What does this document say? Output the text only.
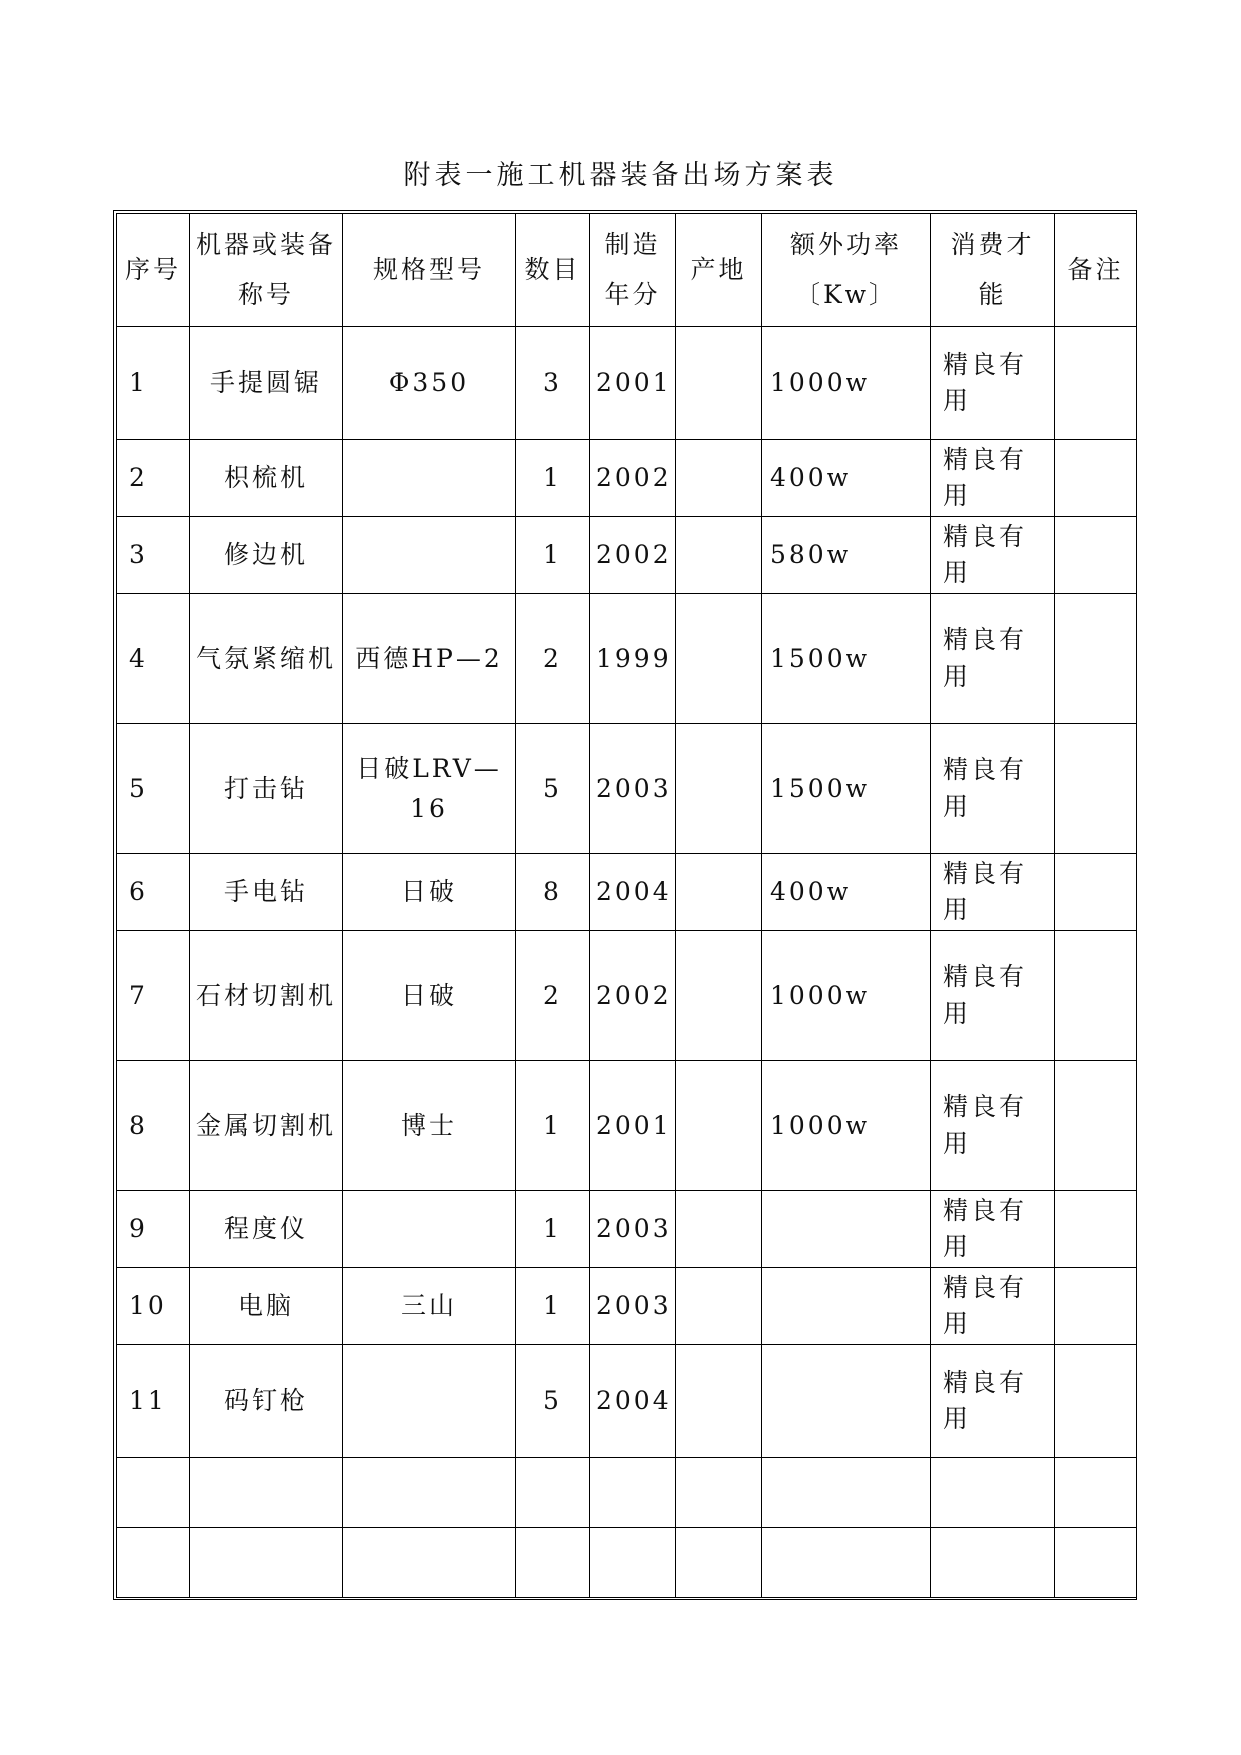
附表一施工机器装备出场方案表
序号	机器或装备称号	规格型号	数目	制造年分	产地	额外功率〔Kw〕	消费才能	备注
1	手提圆锯	Φ350	3	2001		1000w	精良有用	
2	枳梳机		1	2002		400w	精良有用	
3	修边机		1	2002		580w	精良有用	
4	气氛紧缩机	西德HP—2	2	1999		1500w	精良有用	
5	打击钻	日破LRV—16	5	2003		1500w	精良有用	
6	手电钻	日破	8	2004		400w	精良有用	
7	石材切割机	日破	2	2002		1000w	精良有用	
8	金属切割机	博士	1	2001		1000w	精良有用	
9	程度仪		1	2003			精良有用	
10	电脑	三山	1	2003			精良有用	
11	码钉枪		5	2004			精良有用	
